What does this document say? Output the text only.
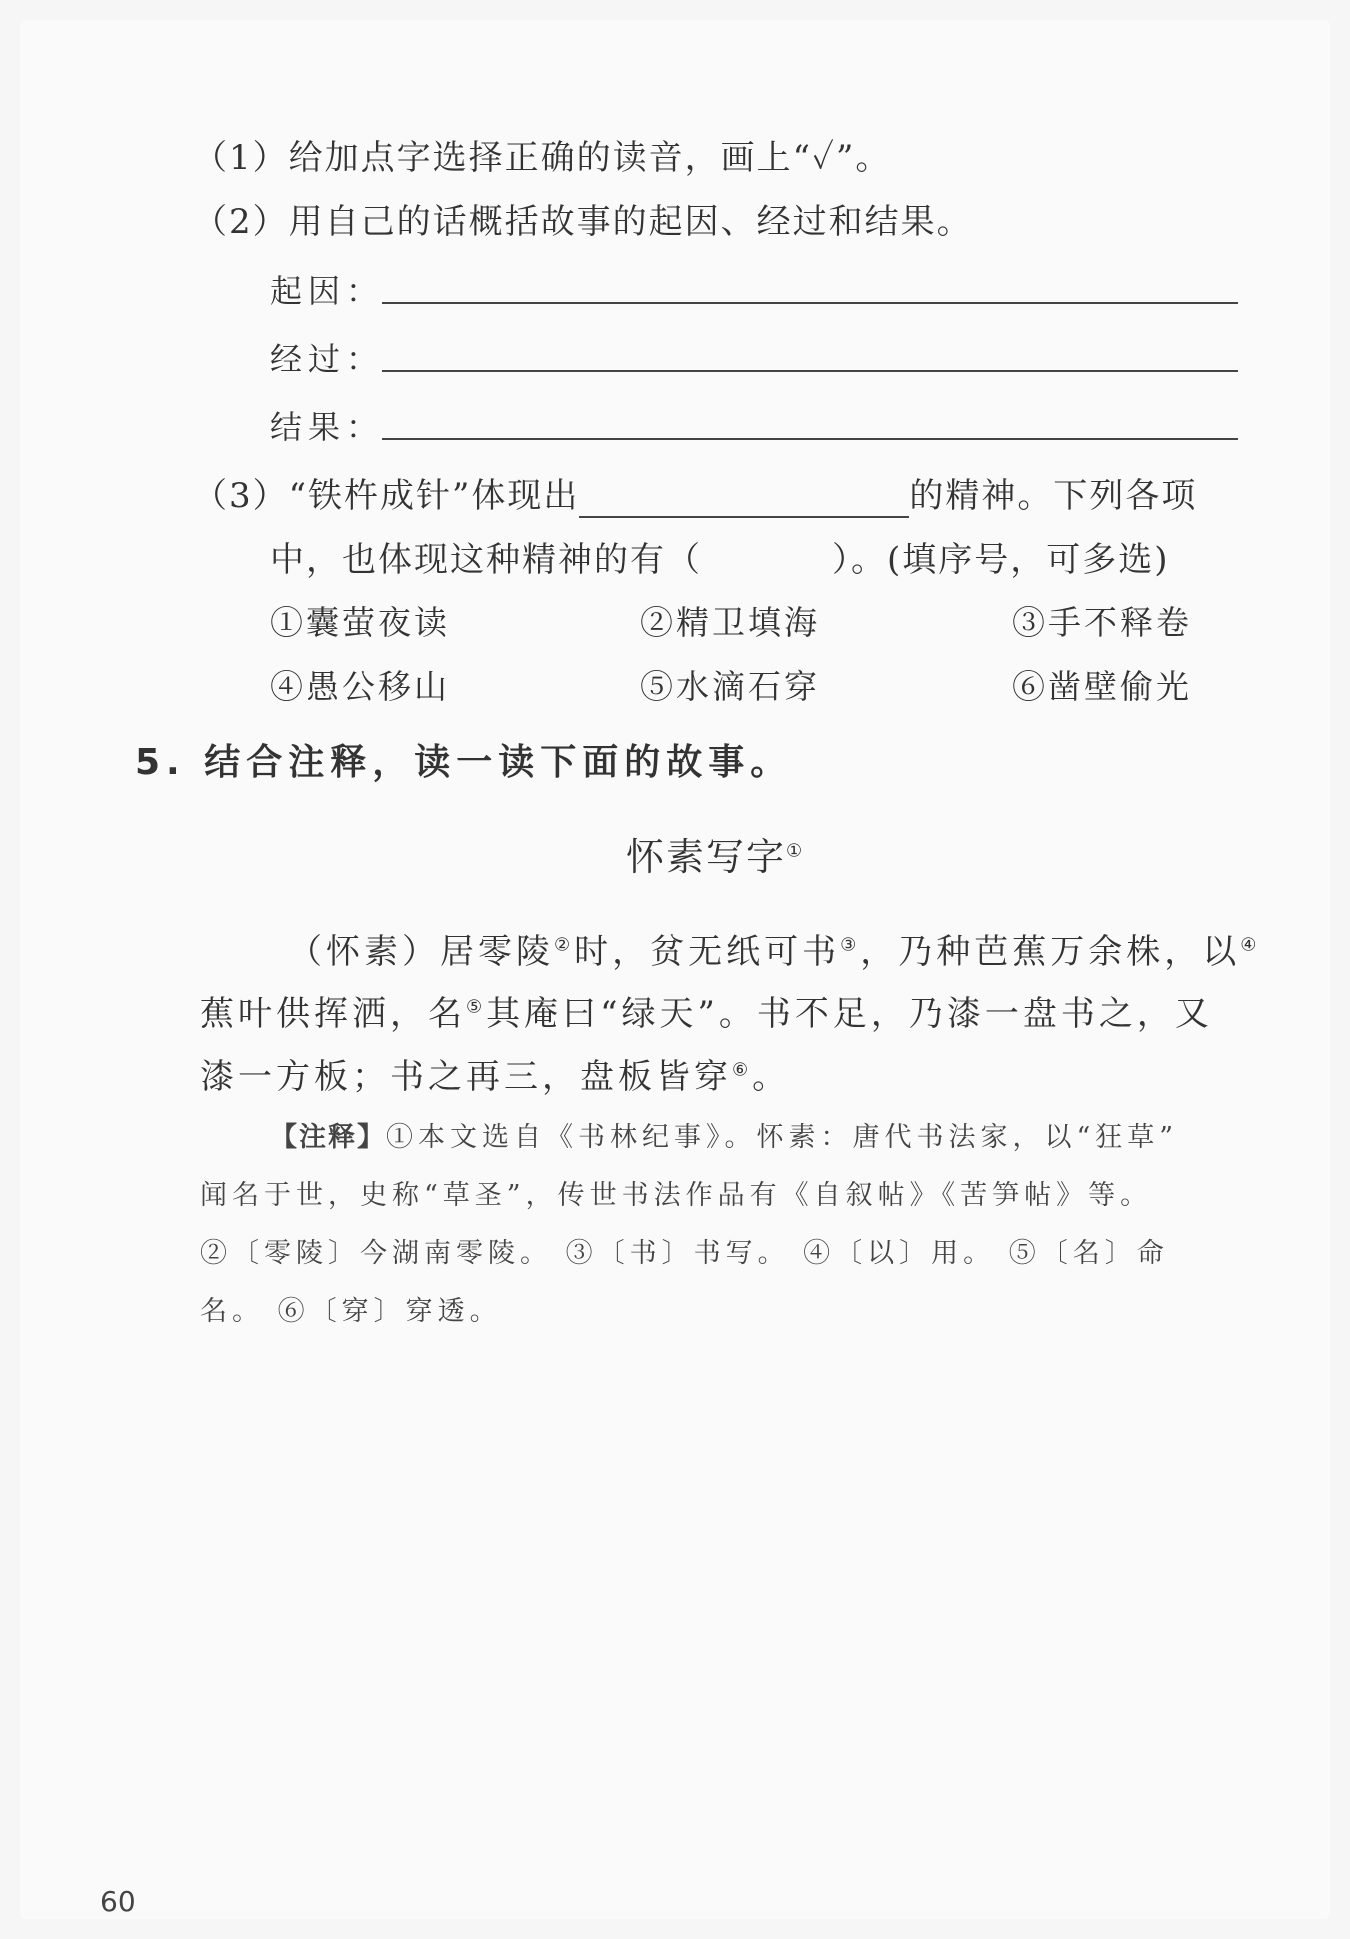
（1）给加点字选择正确的读音，画上“✓”。
（2）用自己的话概括故事的起因、经过和结果。
起因：
经过：
结果：
（3）“铁杵成针”体现出	的精神。下列各项
中，也体现这种精神的有（	）。(填序号，可多选)
①囊萤夜读	②精卫填海	③手不释卷
④愚公移山	⑤水滴石穿	⑥凿壁偷光
5. 结合注释，读一读下面的故事。
怀素写字①
（怀素）居零陵②时，贫无纸可书③，乃种芭蕉万余株，以④
蕉叶供挥洒，名⑤其庵曰“绿天”。书不足，乃漆一盘书之，又
漆一方板；书之再三，盘板皆穿⑥。
【注释】①本文选自《书林纪事》。怀素：唐代书法家，以“狂草”
闻名于世，史称“草圣”，传世书法作品有《自叙帖》《苦笋帖》等。
②〔零陵〕今湖南零陵。 ③〔书〕书写。 ④〔以〕用。 ⑤〔名〕命
名。 ⑥〔穿〕穿透。
60
